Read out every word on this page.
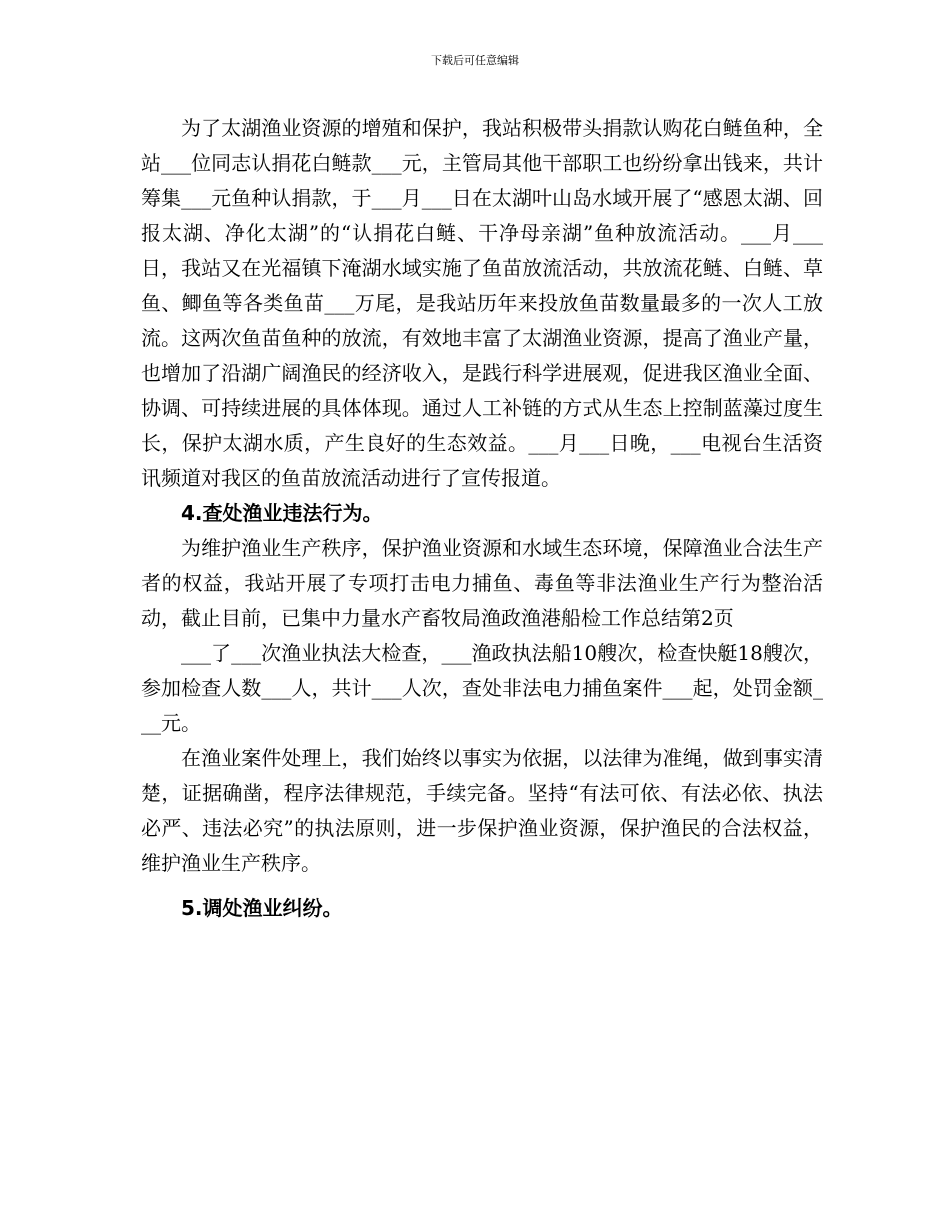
下载后可任意编辑

为了太湖渔业资源的增殖和保护，我站积极带头捐款认购花白鲢鱼种，全站___位同志认捐花白鲢款___元，主管局其他干部职工也纷纷拿出钱来，共计筹集___元鱼种认捐款，于___月___日在太湖叶山岛水域开展了“感恩太湖、回报太湖、净化太湖”的“认捐花白鲢、干净母亲湖”鱼种放流活动。___月___日，我站又在光福镇下淹湖水域实施了鱼苗放流活动，共放流花鲢、白鲢、草鱼、鲫鱼等各类鱼苗___万尾，是我站历年来投放鱼苗数量最多的一次人工放流。这两次鱼苗鱼种的放流，有效地丰富了太湖渔业资源，提高了渔业产量，也增加了沿湖广阔渔民的经济收入，是践行科学进展观，促进我区渔业全面、协调、可持续进展的具体体现。通过人工补链的方式从生态上控制蓝藻过度生长，保护太湖水质，产生良好的生态效益。___月___日晚，___电视台生活资讯频道对我区的鱼苗放流活动进行了宣传报道。

4.查处渔业违法行为。

为维护渔业生产秩序，保护渔业资源和水域生态环境，保障渔业合法生产者的权益，我站开展了专项打击电力捕鱼、毒鱼等非法渔业生产行为整治活动，截止目前，已集中力量水产畜牧局渔政渔港船检工作总结第2页

___了___次渔业执法大检查，___渔政执法船10艘次，检查快艇18艘次，参加检查人数___人，共计___人次，查处非法电力捕鱼案件___起，处罚金额___元。

在渔业案件处理上，我们始终以事实为依据，以法律为准绳，做到事实清楚，证据确凿，程序法律规范，手续完备。坚持“有法可依、有法必依、执法必严、违法必究”的执法原则，进一步保护渔业资源，保护渔民的合法权益，维护渔业生产秩序。

5.调处渔业纠纷。
